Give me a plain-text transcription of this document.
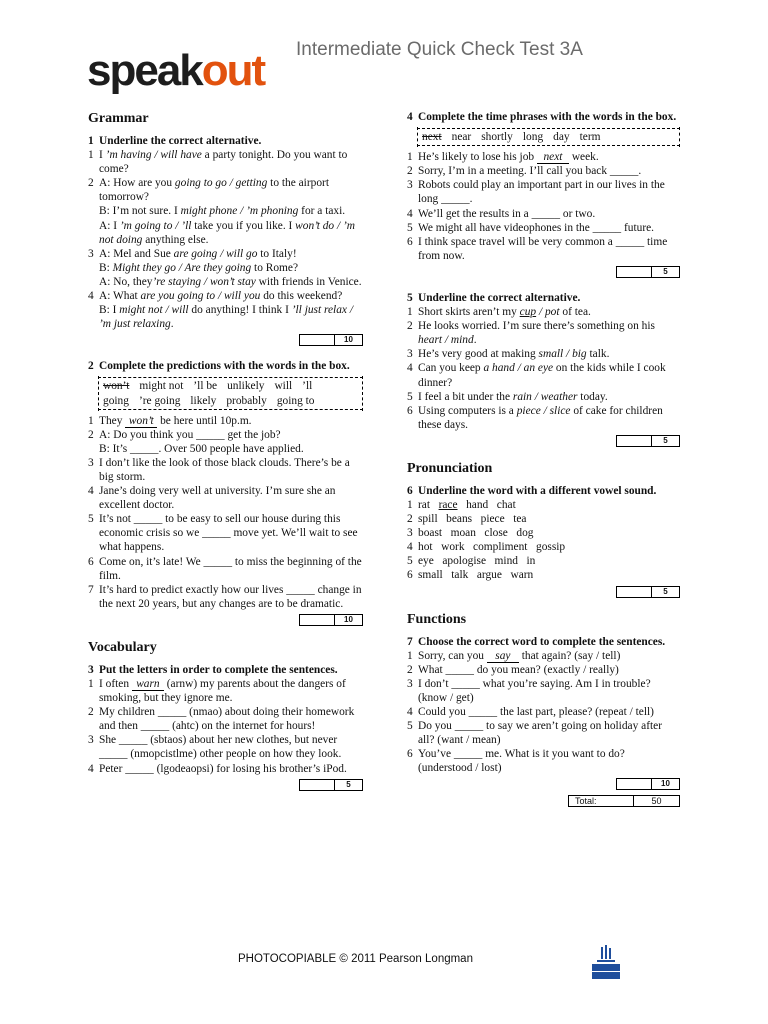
speakout Intermediate Quick Check Test 3A
Grammar
1 Underline the correct alternative.
1 I ’m having / will have a party tonight. Do you want to come?
2 A: How are you going to go / getting to the airport tomorrow?
B: I’m not sure. I might phone / ’m phoning for a taxi.
A: I ’m going to / ’ll take you if you like. I won’t do / ’m not doing anything else.
3 A: Mel and Sue are going / will go to Italy!
B: Might they go / Are they going to Rome?
A: No, they’re staying / won’t stay with friends in Venice.
4 A: What are you going to / will you do this weekend?
B: I might not / will do anything! I think I ’ll just relax / ’m just relaxing.
10
2 Complete the predictions with the words in the box.
won’t might not ’ll be unlikely will ’ll
going ’re going likely probably going to
1 They won’t be here until 10p.m.
2 A: Do you think you _____ get the job?
B: It’s _____. Over 500 people have applied.
3 I don’t like the look of those black clouds. There’s be a big storm.
4 Jane’s doing very well at university. I’m sure she an excellent doctor.
5 It’s not _____ to be easy to sell our house during this economic crisis so we _____ move yet. We’ll wait to see what happens.
6 Come on, it’s late! We _____ to miss the beginning of the film.
7 It’s hard to predict exactly how our lives _____ change in the next 20 years, but any changes are to be dramatic.
10
Vocabulary
3 Put the letters in order to complete the sentences.
1 I often warn (arnw) my parents about the dangers of smoking, but they ignore me.
2 My children _____ (nmao) about doing their homework and then _____ (ahtc) on the internet for hours!
3 She _____ (sbtaos) about her new clothes, but never _____ (nmopcistlme) other people on how they look.
4 Peter _____ (lgodeaopsi) for losing his brother’s iPod.
5
4 Complete the time phrases with the words in the box.
next near shortly long day term
1 He’s likely to lose his job next week.
2 Sorry, I’m in a meeting. I’ll call you back _____.
3 Robots could play an important part in our lives in the long _____.
4 We’ll get the results in a _____ or two.
5 We might all have videophones in the _____ future.
6 I think space travel will be very common a _____ time from now.
5
5 Underline the correct alternative.
1 Short skirts aren’t my cup / pot of tea.
2 He looks worried. I’m sure there’s something on his heart / mind.
3 He’s very good at making small / big talk.
4 Can you keep a hand / an eye on the kids while I cook dinner?
5 I feel a bit under the rain / weather today.
6 Using computers is a piece / slice of cake for children these days.
5
Pronunciation
6 Underline the word with a different vowel sound.
1 rat   race   hand   chat
2 spill   beans   piece   tea
3 boast   moan   close   dog
4 hot   work   compliment   gossip
5 eye   apologise   mind   in
6 small   talk   argue   warn
5
Functions
7 Choose the correct word to complete the sentences.
1 Sorry, can you say that again? (say / tell)
2 What _____ do you mean? (exactly / really)
3 I don’t _____ what you’re saying. Am I in trouble? (know / get)
4 Could you _____ the last part, please? (repeat / tell)
5 Do you _____ to say we aren’t going on holiday after all? (want / mean)
6 You’ve _____ me. What is it you want to do? (understood / lost)
10
Total:	50
PHOTOCOPIABLE © 2011 Pearson Longman
